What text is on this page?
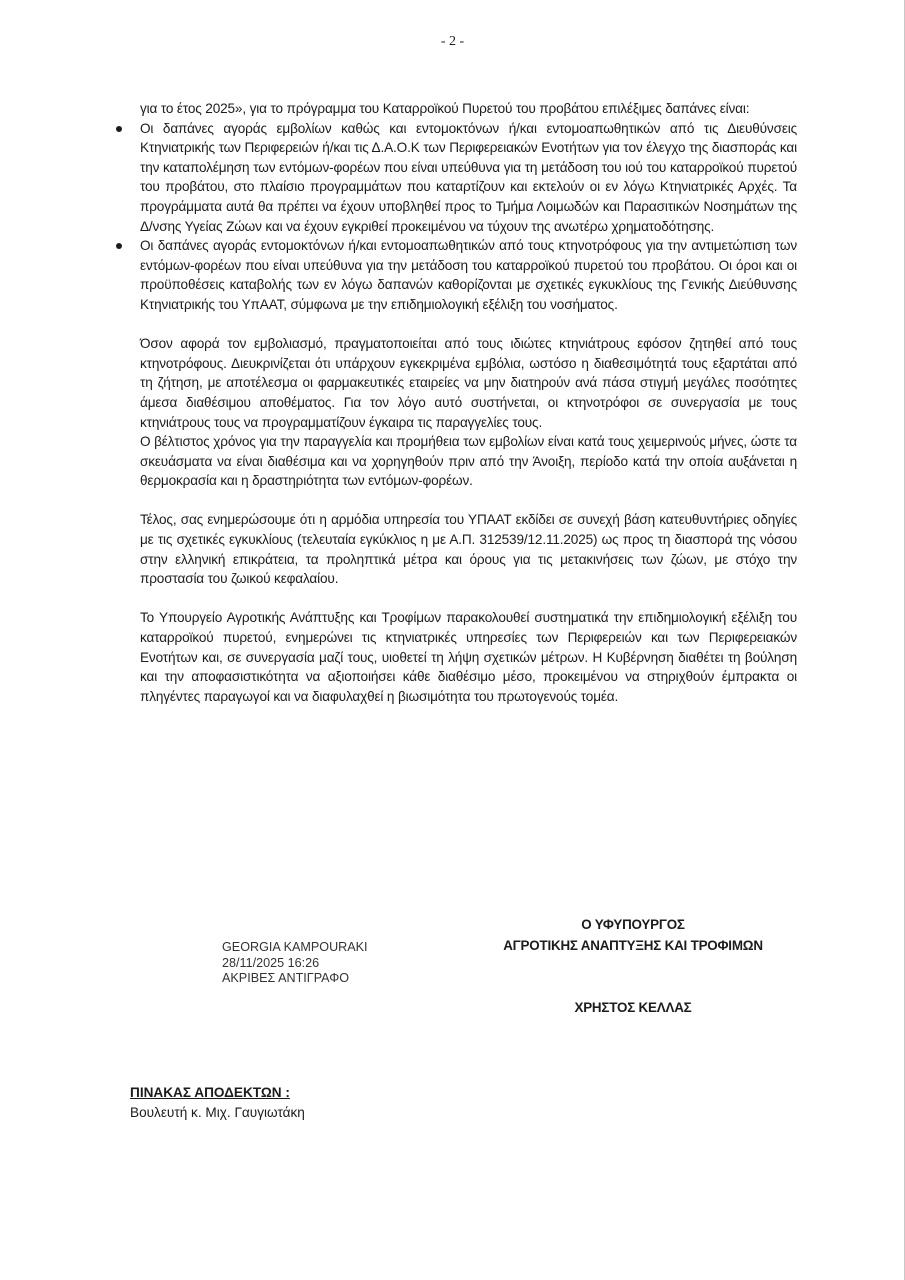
- 2 -

για το έτος 2025», για το πρόγραμμα του Καταρροϊκού Πυρετού του προβάτου επιλέξιμες δαπάνες είναι:

Οι δαπάνες αγοράς εμβολίων καθώς και εντομοκτόνων ή/και εντομοαπωθητικών από τις Διευθύνσεις Κτηνιατρικής των Περιφερειών ή/και τις Δ.Α.Ο.Κ των Περιφερειακών Ενοτήτων για τον έλεγχο της διασποράς και την καταπολέμηση των εντόμων-φορέων που είναι υπεύθυνα για τη μετάδοση του ιού του καταρροϊκού πυρετού του προβάτου, στο πλαίσιο προγραμμάτων που καταρτίζουν και εκτελούν οι εν λόγω Κτηνιατρικές Αρχές. Τα προγράμματα αυτά θα πρέπει να έχουν υποβληθεί προς το Τμήμα Λοιμωδών και Παρασιτικών Νοσημάτων της Δ/νσης Υγείας Ζώων και να έχουν εγκριθεί προκειμένου να τύχουν της ανωτέρω χρηματοδότησης.
Οι δαπάνες αγοράς εντομοκτόνων ή/και εντομοαπωθητικών από τους κτηνοτρόφους για την αντιμετώπιση των εντόμων-φορέων που είναι υπεύθυνα για την μετάδοση του καταρροϊκού πυρετού του προβάτου. Οι όροι και οι προϋποθέσεις καταβολής των εν λόγω δαπανών καθορίζονται με σχετικές εγκυκλίους της Γενικής Διεύθυνσης Κτηνιατρικής του ΥπΑΑΤ, σύμφωνα με την επιδημιολογική εξέλιξη του νοσήματος.

Όσον αφορά τον εμβολιασμό, πραγματοποιείται από τους ιδιώτες κτηνιάτρους εφόσον ζητηθεί από τους κτηνοτρόφους. Διευκρινίζεται ότι υπάρχουν εγκεκριμένα εμβόλια, ωστόσο η διαθεσιμότητά τους εξαρτάται από τη ζήτηση, με αποτέλεσμα οι φαρμακευτικές εταιρείες να μην διατηρούν ανά πάσα στιγμή μεγάλες ποσότητες άμεσα διαθέσιμου αποθέματος. Για τον λόγο αυτό συστήνεται, οι κτηνοτρόφοι σε συνεργασία με τους κτηνιάτρους τους να προγραμματίζουν έγκαιρα τις παραγγελίες τους.

Ο βέλτιστος χρόνος για την παραγγελία και προμήθεια των εμβολίων είναι κατά τους χειμερινούς μήνες, ώστε τα σκευάσματα να είναι διαθέσιμα και να χορηγηθούν πριν από την Άνοιξη, περίοδο κατά την οποία αυξάνεται η θερμοκρασία και η δραστηριότητα των εντόμων-φορέων.

Τέλος, σας ενημερώσουμε ότι η αρμόδια υπηρεσία του ΥΠΑΑΤ εκδίδει σε συνεχή βάση κατευθυντήριες οδηγίες με τις σχετικές εγκυκλίους (τελευταία εγκύκλιος η με Α.Π. 312539/12.11.2025) ως προς τη διασπορά της νόσου στην ελληνική επικράτεια, τα προληπτικά μέτρα και όρους για τις μετακινήσεις των ζώων, με στόχο την προστασία του ζωικού κεφαλαίου.

Το Υπουργείο Αγροτικής Ανάπτυξης και Τροφίμων παρακολουθεί συστηματικά την επιδημιολογική εξέλιξη του καταρροϊκού πυρετού, ενημερώνει τις κτηνιατρικές υπηρεσίες των Περιφερειών και των Περιφερειακών Ενοτήτων και, σε συνεργασία μαζί τους, υιοθετεί τη λήψη σχετικών μέτρων. Η Κυβέρνηση διαθέτει τη βούληση και την αποφασιστικότητα να αξιοποιήσει κάθε διαθέσιμο μέσο, προκειμένου να στηριχθούν έμπρακτα οι πληγέντες παραγωγοί και να διαφυλαχθεί η βιωσιμότητα του πρωτογενούς τομέα.

GEORGIA KAMPOURAKI
28/11/2025 16:26
ΑΚΡΙΒΕΣ ΑΝΤΙΓΡΑΦΟ
Ο ΥΦΥΠΟΥΡΓΟΣ
ΑΓΡΟΤΙΚΗΣ ΑΝΑΠΤΥΞΗΣ ΚΑΙ ΤΡΟΦΙΜΩΝ
ΧΡΗΣΤΟΣ ΚΕΛΛΑΣ
ΠΙΝΑΚΑΣ ΑΠΟΔΕΚΤΩΝ :
Βουλευτή κ. Μιχ. Γαυγιωτάκη
